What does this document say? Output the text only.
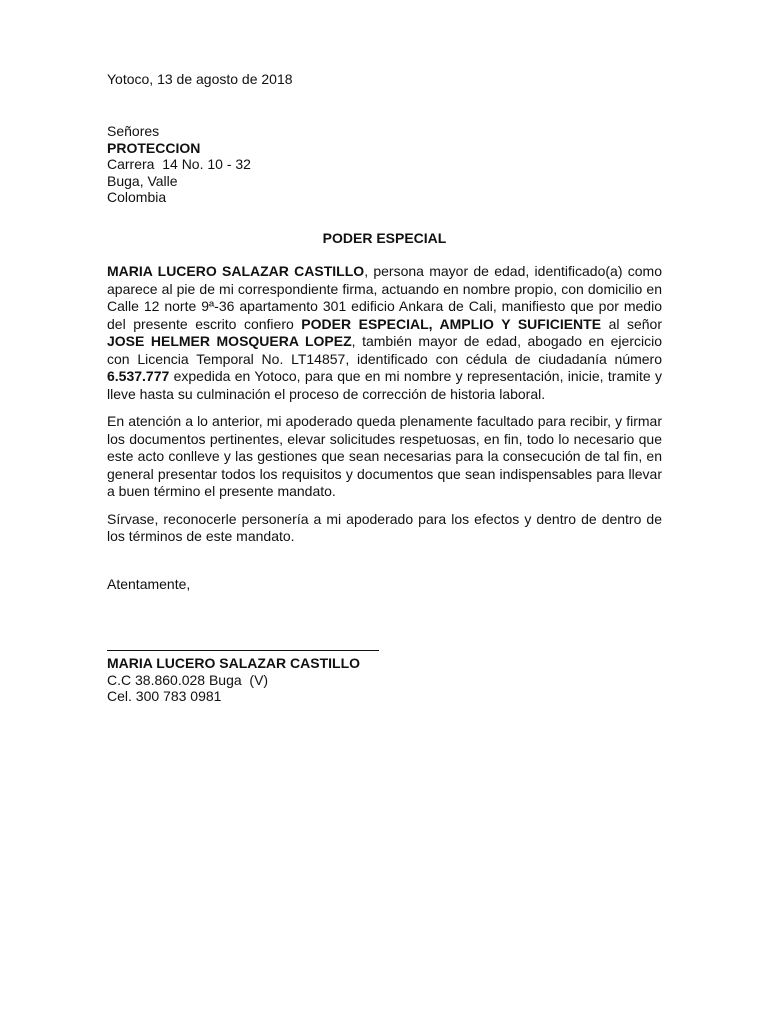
Yotoco, 13 de agosto de 2018
Señores
PROTECCION
Carrera  14 No. 10 - 32
Buga, Valle
Colombia
PODER ESPECIAL

MARIA LUCERO SALAZAR CASTILLO, persona mayor de edad, identificado(a) como aparece al pie de mi correspondiente firma, actuando en nombre propio, con domicilio en Calle 12 norte 9ª-36 apartamento 301 edificio Ankara de Cali, manifiesto que por medio del presente escrito confiero PODER ESPECIAL, AMPLIO Y SUFICIENTE al señor JOSE HELMER MOSQUERA LOPEZ, también mayor de edad, abogado en ejercicio con Licencia Temporal No. LT14857, identificado con cédula de ciudadanía número 6.537.777 expedida en Yotoco, para que en mi nombre y representación, inicie, tramite y lleve hasta su culminación el proceso de corrección de historia laboral.

En atención a lo anterior, mi apoderado queda plenamente facultado para recibir, y firmar los documentos pertinentes, elevar solicitudes respetuosas, en fin, todo lo necesario que este acto conlleve y las gestiones que sean necesarias para la consecución de tal fin, en general presentar todos los requisitos y documentos que sean indispensables para llevar a buen término el presente mandato.

Sírvase, reconocerle personería a mi apoderado para los efectos y dentro de dentro de los términos de este mandato.

Atentamente,
MARIA LUCERO SALAZAR CASTILLO
C.C 38.860.028 Buga  (V)
Cel. 300 783 0981
